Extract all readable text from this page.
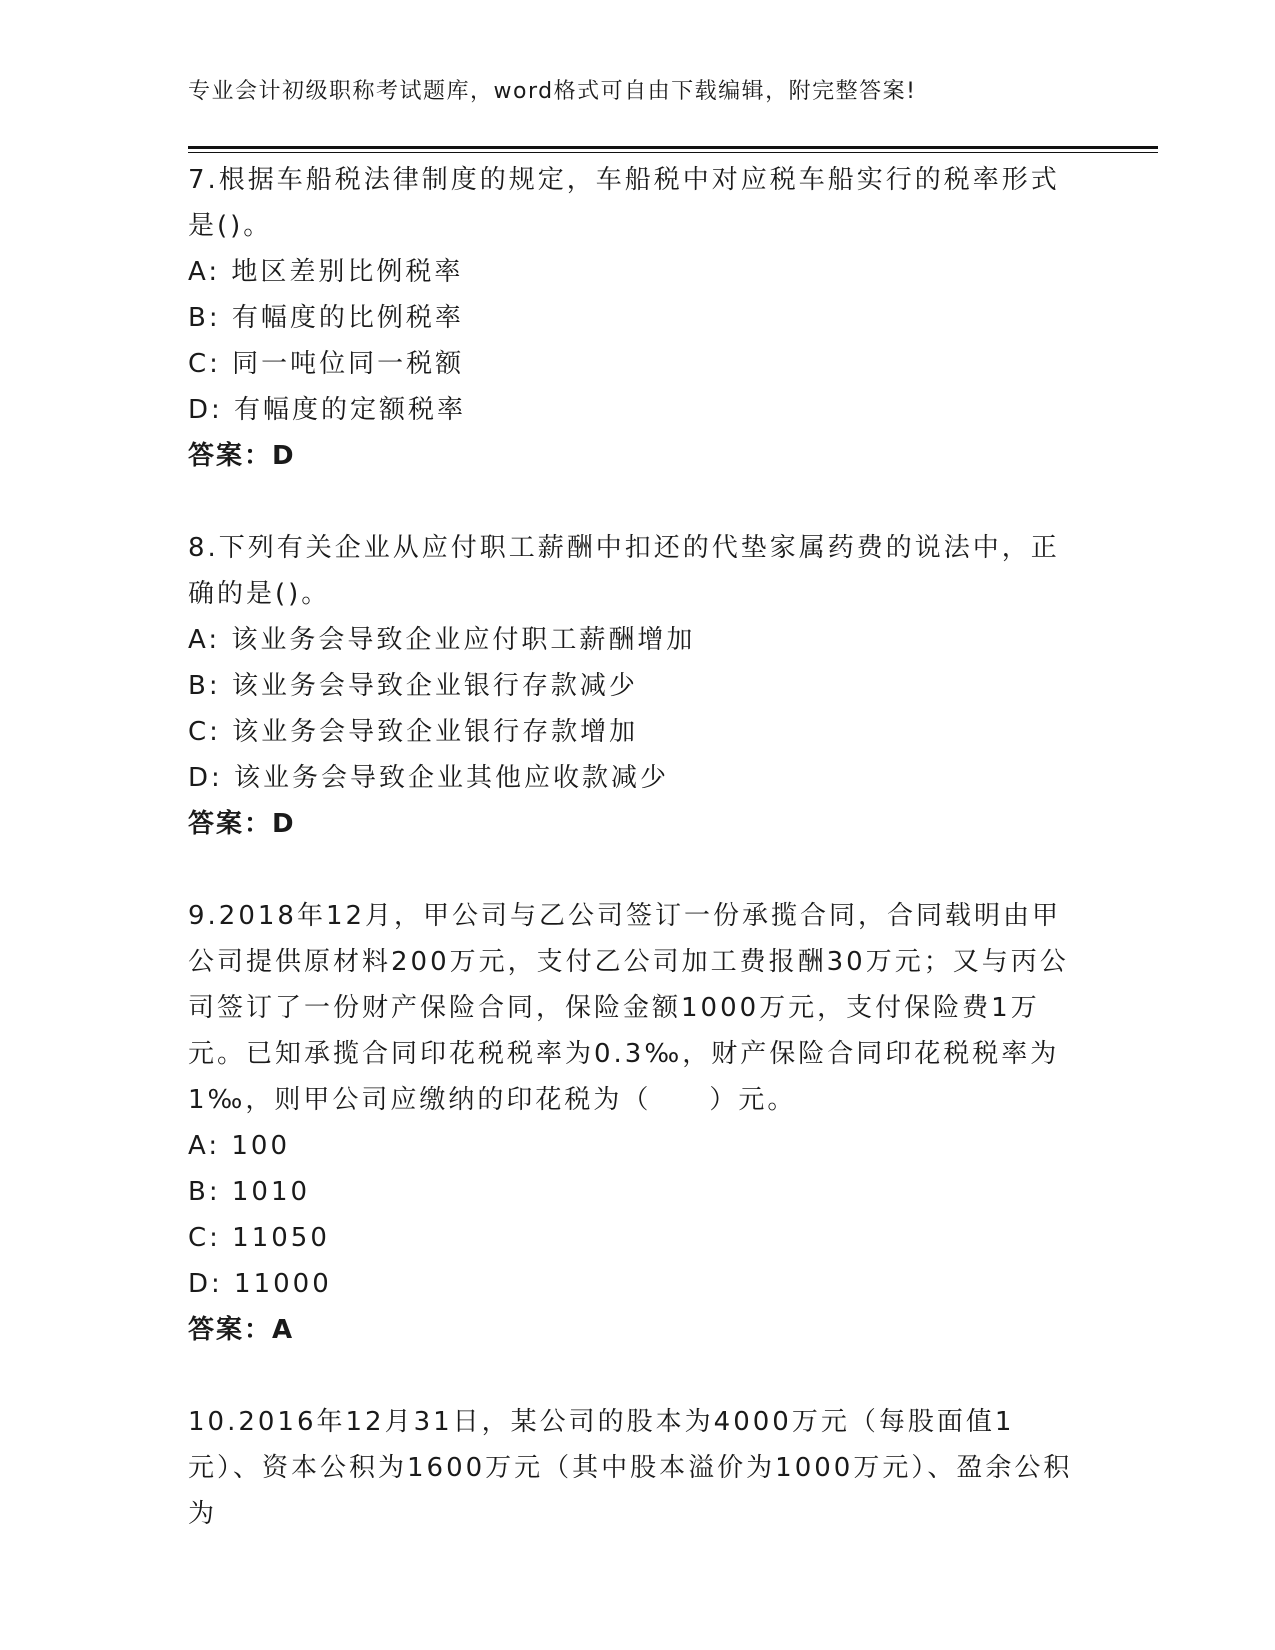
专业会计初级职称考试题库，word格式可自由下载编辑，附完整答案!

7.根据车船税法律制度的规定，车船税中对应税车船实行的税率形式是()。

A: 地区差别比例税率
B: 有幅度的比例税率
C: 同一吨位同一税额
D: 有幅度的定额税率
答案：D

8.下列有关企业从应付职工薪酬中扣还的代垫家属药费的说法中，正确的是()。

A: 该业务会导致企业应付职工薪酬增加
B: 该业务会导致企业银行存款减少
C: 该业务会导致企业银行存款增加
D: 该业务会导致企业其他应收款减少
答案：D

9.2018年12月，甲公司与乙公司签订一份承揽合同，合同载明由甲公司提供原材料200万元，支付乙公司加工费报酬30万元；又与丙公司签订了一份财产保险合同，保险金额1000万元，支付保险费1万元。已知承揽合同印花税税率为0.3‰，财产保险合同印花税税率为1‰，则甲公司应缴纳的印花税为（　　）元。

A: 100
B: 1010
C: 11050
D: 11000
答案：A

10.2016年12月31日，某公司的股本为4000万元（每股面值1元）、资本公积为1600万元（其中股本溢价为1000万元）、盈余公积为
